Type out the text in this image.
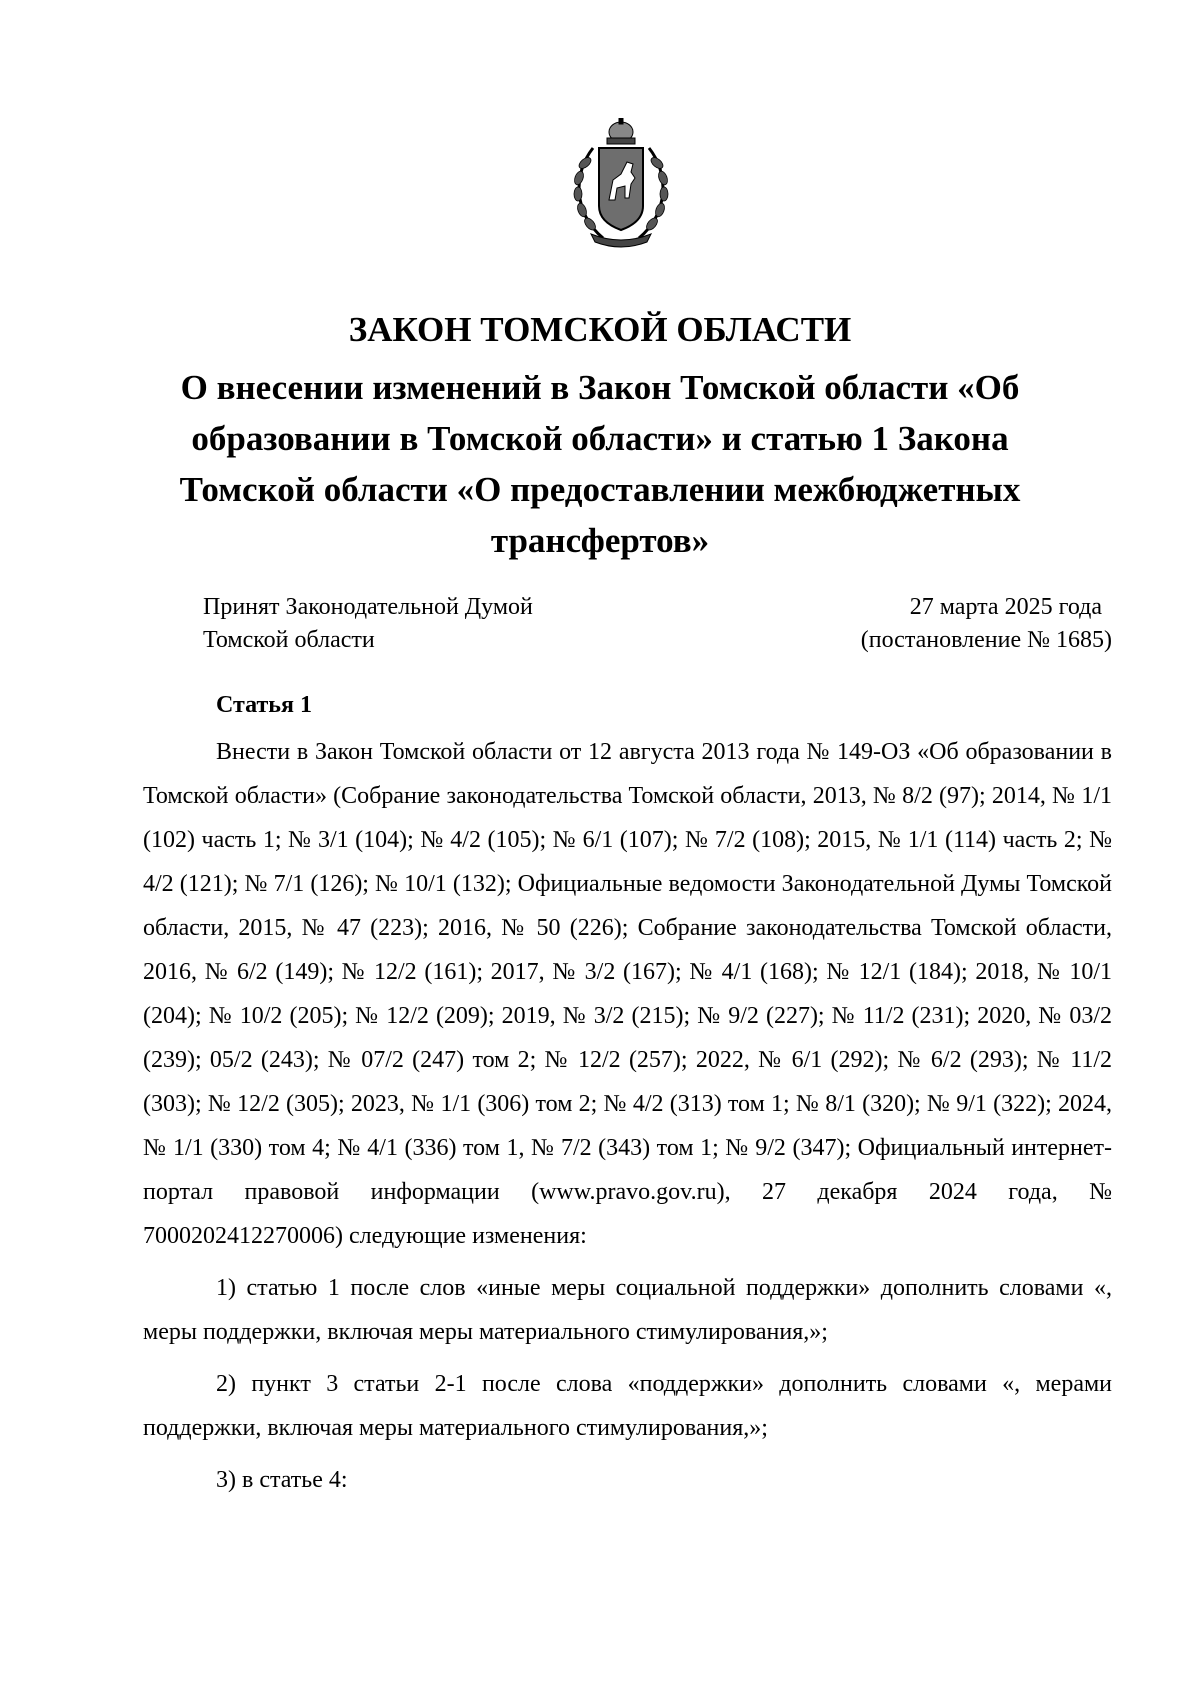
ЗАКОН ТОМСКОЙ ОБЛАСТИ
О внесении изменений в Закон Томской области «Об образовании в Томской области» и статью 1 Закона Томской области «О предоставлении межбюджетных трансфертов»
Принят Законодательной Думой
Томской области
27 марта 2025 года
(постановление № 1685)
Статья 1

Внести в Закон Томской области от 12 августа 2013 года № 149-ОЗ «Об образовании в Томской области» (Собрание законодательства Томской области, 2013, № 8/2 (97); 2014, № 1/1 (102) часть 1; № 3/1 (104); № 4/2 (105); № 6/1 (107); № 7/2 (108); 2015, № 1/1 (114) часть 2; № 4/2 (121); № 7/1 (126); № 10/1 (132); Официальные ведомости Законодательной Думы Томской области, 2015, № 47 (223); 2016, № 50 (226); Собрание законодательства Томской области, 2016, № 6/2 (149); № 12/2 (161); 2017, № 3/2 (167); № 4/1 (168); № 12/1 (184); 2018, № 10/1 (204); № 10/2 (205); № 12/2 (209); 2019, № 3/2 (215); № 9/2 (227); № 11/2 (231); 2020, № 03/2 (239); 05/2 (243); № 07/2 (247) том 2; № 12/2 (257); 2022, № 6/1 (292); № 6/2 (293); № 11/2 (303); № 12/2 (305); 2023, № 1/1 (306) том 2; № 4/2 (313) том 1; № 8/1 (320); № 9/1 (322); 2024, № 1/1 (330) том 4; № 4/1 (336) том 1, № 7/2 (343) том 1; № 9/2 (347); Официальный интернет-портал правовой информации (www.pravo.gov.ru), 27 декабря 2024 года, № 7000202412270006) следующие изменения:

1) статью 1 после слов «иные меры социальной поддержки» дополнить словами «, меры поддержки, включая меры материального стимулирования,»;

2) пункт 3 статьи 2-1 после слова «поддержки» дополнить словами «, мерами поддержки, включая меры материального стимулирования,»;

3) в статье 4:
